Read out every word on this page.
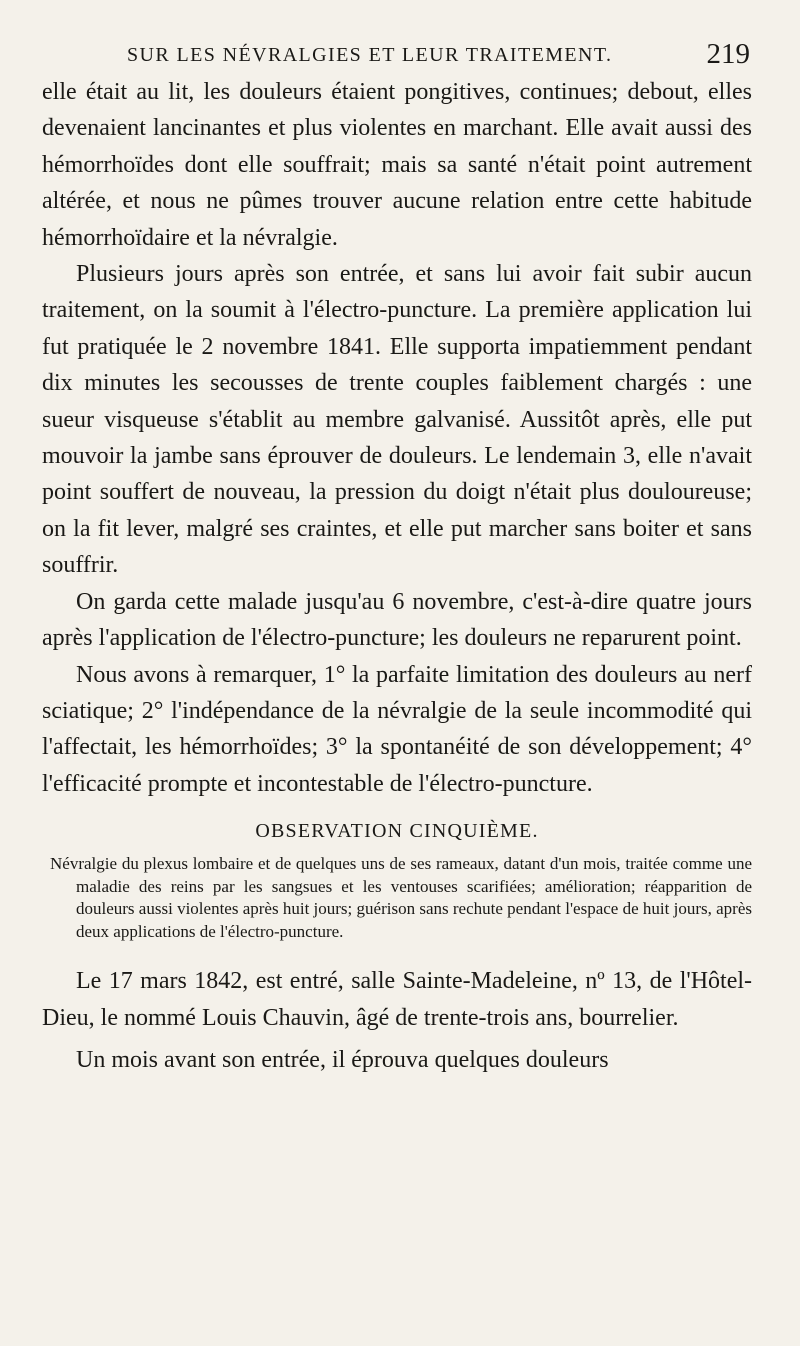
SUR LES NÉVRALGIES ET LEUR TRAITEMENT.	219

elle était au lit, les douleurs étaient pongitives, continues; debout, elles devenaient lancinantes et plus violentes en marchant. Elle avait aussi des hémorrhoïdes dont elle souffrait; mais sa santé n'était point autrement altérée, et nous ne pûmes trouver aucune relation entre cette habitude hémorrhoïdaire et la névralgie.

Plusieurs jours après son entrée, et sans lui avoir fait subir aucun traitement, on la soumit à l'électro-puncture. La première application lui fut pratiquée le 2 novembre 1841. Elle supporta impatiemment pendant dix minutes les secousses de trente couples faiblement chargés : une sueur visqueuse s'établit au membre galvanisé. Aussitôt après, elle put mouvoir la jambe sans éprouver de douleurs. Le lendemain 3, elle n'avait point souffert de nouveau, la pression du doigt n'était plus douloureuse; on la fit lever, malgré ses craintes, et elle put marcher sans boiter et sans souffrir.

On garda cette malade jusqu'au 6 novembre, c'est-à-dire quatre jours après l'application de l'électro-puncture; les douleurs ne reparurent point.

Nous avons à remarquer, 1° la parfaite limitation des douleurs au nerf sciatique; 2° l'indépendance de la névralgie de la seule incommodité qui l'affectait, les hémorrhoïdes; 3° la spontanéité de son développement; 4° l'efficacité prompte et incontestable de l'électro-puncture.

OBSERVATION CINQUIÈME.
Névralgie du plexus lombaire et de quelques uns de ses rameaux, datant d'un mois, traitée comme une maladie des reins par les sangsues et les ventouses scarifiées; amélioration; réapparition de douleurs aussi violentes après huit jours; guérison sans rechute pendant l'espace de huit jours, après deux applications de l'électro-puncture.

Le 17 mars 1842, est entré, salle Sainte-Madeleine, nº 13, de l'Hôtel-Dieu, le nommé Louis Chauvin, âgé de trente-trois ans, bourrelier.

Un mois avant son entrée, il éprouva quelques douleurs
